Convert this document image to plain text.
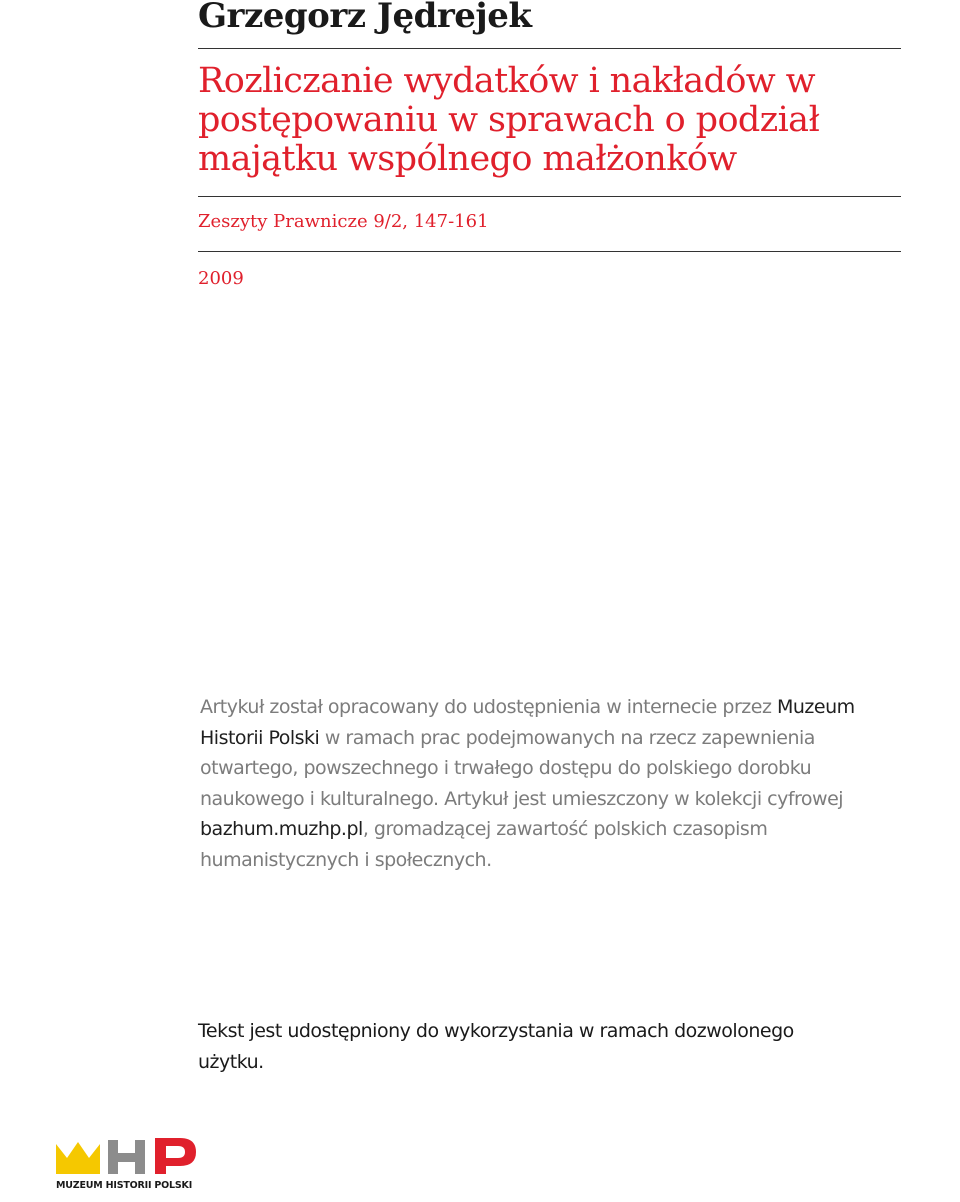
Grzegorz Jędrejek
Rozliczanie wydatków i nakładów w postępowaniu w sprawach o podział majątku wspólnego małżonków
Zeszyty Prawnicze 9/2, 147-161
2009

Artykuł został opracowany do udostępnienia w internecie przez Muzeum Historii Polski w ramach prac podejmowanych na rzecz zapewnienia otwartego, powszechnego i trwałego dostępu do polskiego dorobku naukowego i kulturalnego. Artykuł jest umieszczony w kolekcji cyfrowej bazhum.muzhp.pl, gromadzącej zawartość polskich czasopism humanistycznych i społecznych.

Tekst jest udostępniony do wykorzystania w ramach dozwolonego użytku.

MUZEUM HISTORII POLSKI
